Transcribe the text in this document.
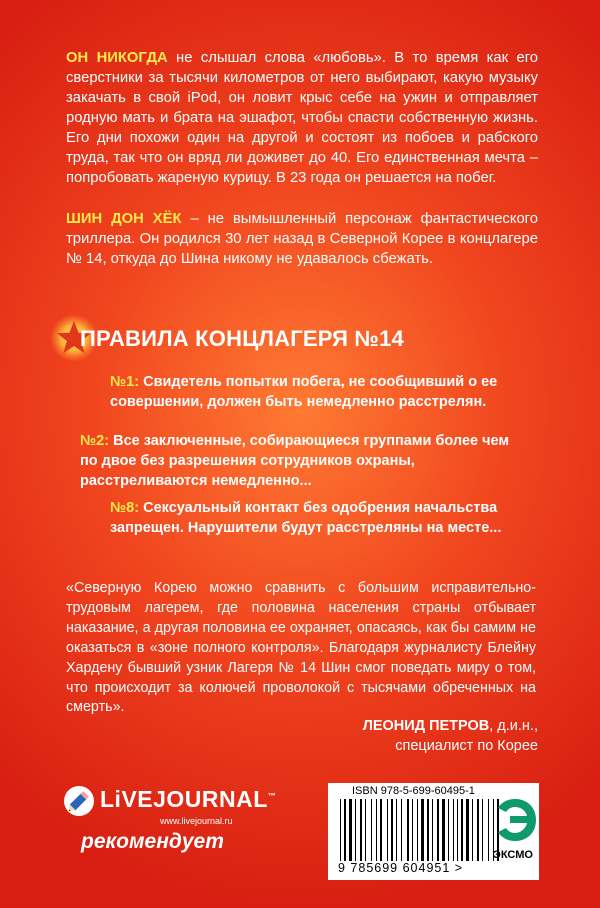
ОН НИКОГДА не слышал слова «любовь». В то время как его сверстники за тысячи километров от него выбирают, какую музыку закачать в свой iPod, он ловит крыс себе на ужин и отправляет родную мать и брата на эшафот, чтобы спасти собственную жизнь. Его дни похожи один на другой и состоят из побоев и рабского труда, так что он вряд ли доживет до 40. Его единственная мечта – попробовать жареную курицу. В 23 года он решается на побег.

ШИН ДОН ХЁК – не вымышленный персонаж фантастического триллера. Он родился 30 лет назад в Северной Корее в концлагере № 14, откуда до Шина никому не удавалось сбежать.

ПРАВИЛА КОНЦЛАГЕРЯ №14

№1: Свидетель попытки побега, не сообщивший о ее совершении, должен быть немедленно расстрелян.

№2: Все заключенные, собирающиеся группами более чем по двое без разрешения сотрудников охраны, расстреливаются немедленно...

№8: Сексуальный контакт без одобрения начальства запрещен. Нарушители будут расстреляны на месте...

«Северную Корею можно сравнить с большим исправительно-трудовым лагерем, где половина населения страны отбывает наказание, а другая половина ее охраняет, опасаясь, как бы самим не оказаться в «зоне полного контроля». Благодаря журналисту Блейну Хардену бывший узник Лагеря № 14 Шин смог поведать миру о том, что происходит за колючей проволокой с тысячами обреченных на смерть».

ЛЕОНИД ПЕТРОВ, д.и.н.,
специалист по Корее
LiVEJOURNAL™
www.livejournal.ru
рекомендует
ISBN 978-5-699-60495-1
9 785699 604951 >
ЭКСМО
